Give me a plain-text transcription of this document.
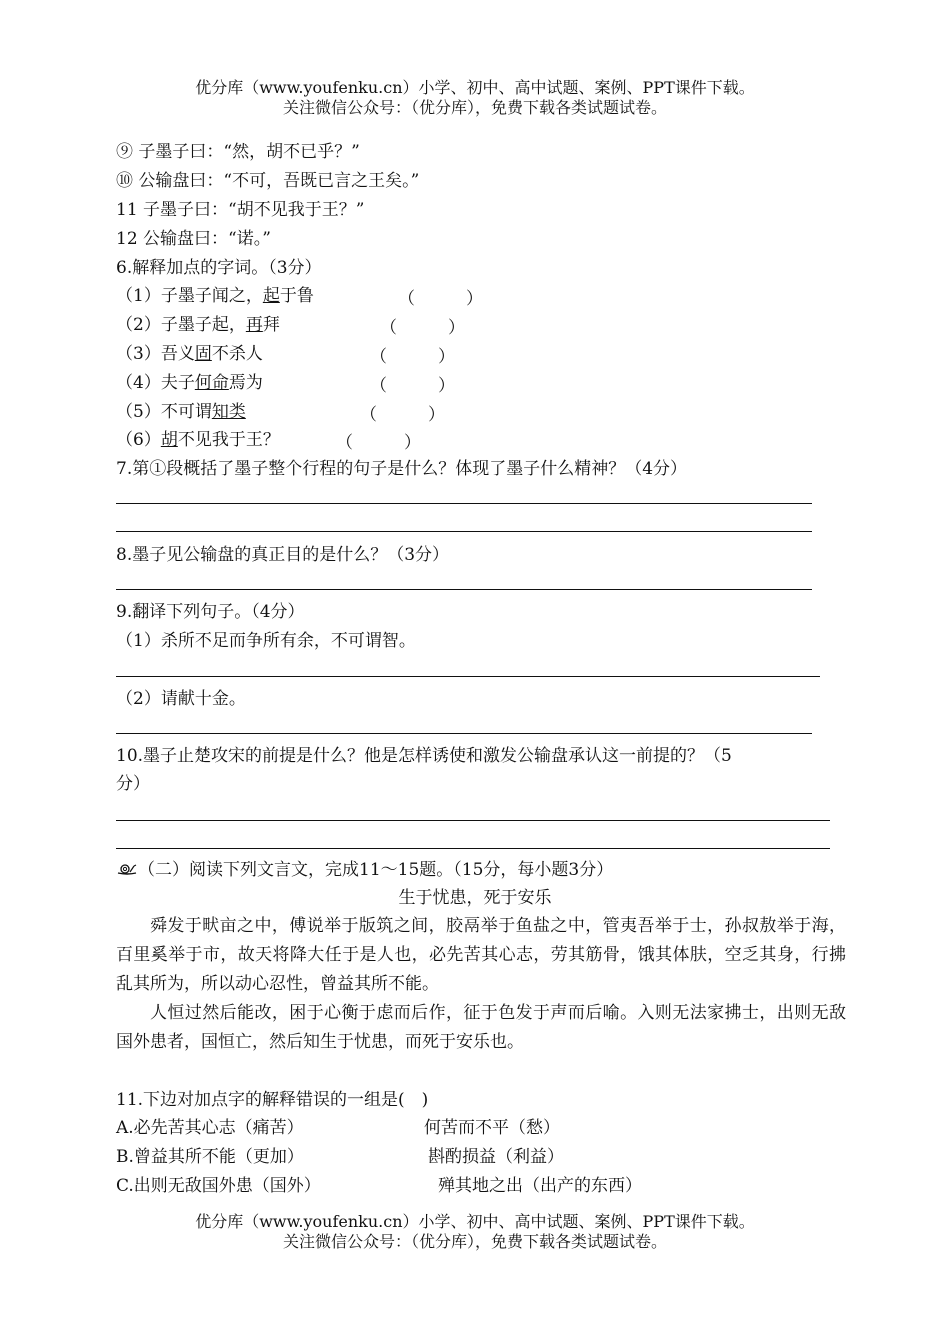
优分库（www.youfenku.cn）小学、初中、高中试题、案例、PPT课件下载。
关注微信公众号：（优分库），免费下载各类试题试卷。
⑨ 子墨子曰：“然，胡不已乎？”
⑩ 公输盘曰：“不可，吾既已言之王矣。”
11 子墨子曰：“胡不见我于王？”
12 公输盘曰：“诺。”
6.解释加点的字词。（3分）
（1）子墨子闻之，起于鲁	（　　　）
（2）子墨子起，再拜	（　　　）
（3）吾义固不杀人	（　　　）
（4）夫子何命焉为	（　　　）
（5）不可谓知类	（　　　）
（6）胡不见我于王？	（　　　）
7.第①段概括了墨子整个行程的句子是什么？体现了墨子什么精神？（4分）
8.墨子见公输盘的真正目的是什么？（3分）
9.翻译下列句子。（4分）
（1）杀所不足而争所有余，不可谓智。
（2）请献十金。
10.墨子止楚攻宋的前提是什么？他是怎样诱使和激发公输盘承认这一前提的？（5
分）
（二）阅读下列文言文，完成11～15题。（15分，每小题3分）
生于忧患，死于安乐
舜发于畎亩之中，傅说举于版筑之间，胶鬲举于鱼盐之中，管夷吾举于士，孙叔敖举于海，百里奚举于市，故天将降大任于是人也，必先苦其心志，劳其筋骨，饿其体肤，空乏其身，行拂乱其所为，所以动心忍性，曾益其所不能。
人恒过然后能改，困于心衡于虑而后作，征于色发于声而后喻。入则无法家拂士，出则无敌国外患者，国恒亡，然后知生于忧患，而死于安乐也。
11.下边对加点字的解释错误的一组是(　)
A.必先苦其心志（痛苦）	何苦而不平（愁）
B.曾益其所不能（更加）	斟酌损益（利益）
C.出则无敌国外患（国外）	殚其地之出（出产的东西）
优分库（www.youfenku.cn）小学、初中、高中试题、案例、PPT课件下载。
关注微信公众号：（优分库），免费下载各类试题试卷。
